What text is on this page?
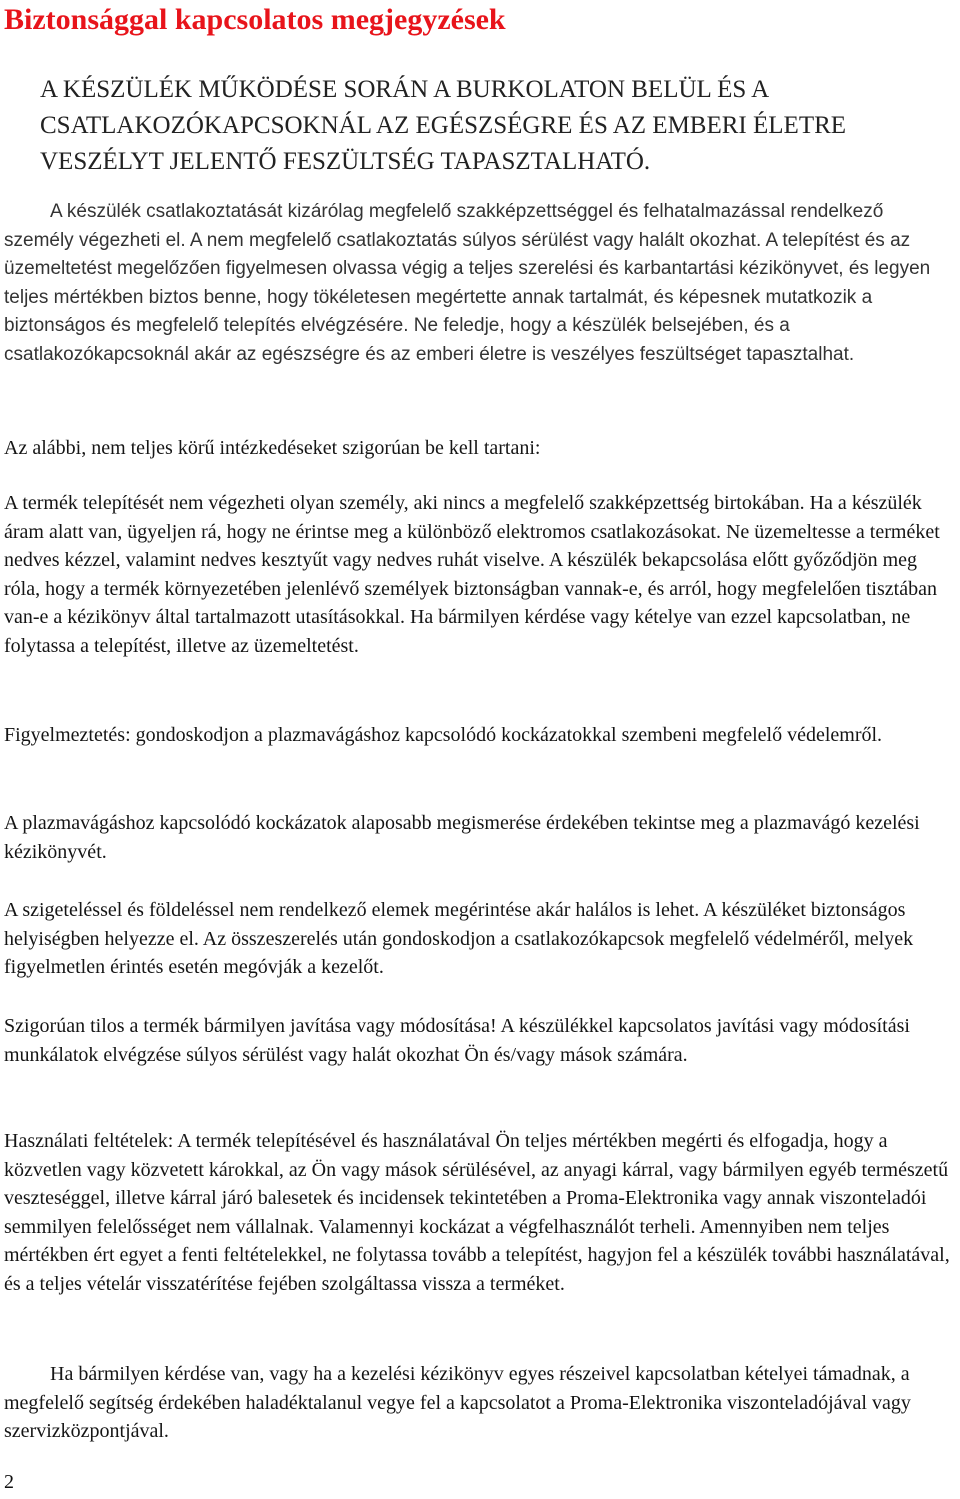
Biztonsággal kapcsolatos megjegyzések

A KÉSZÜLÉK MŰKÖDÉSE SORÁN A BURKOLATON BELÜL ÉS A CSATLAKOZÓKAPCSOKNÁL AZ EGÉSZSÉGRE ÉS AZ EMBERI ÉLETRE VESZÉLYT JELENTŐ FESZÜLTSÉG TAPASZTALHATÓ.

A készülék csatlakoztatását kizárólag megfelelő szakképzettséggel és felhatalmazással rendelkező személy végezheti el. A nem megfelelő csatlakoztatás súlyos sérülést vagy halált okozhat. A telepítést és az üzemeltetést megelőzően figyelmesen olvassa végig a teljes szerelési és karbantartási kézikönyvet, és legyen teljes mértékben biztos benne, hogy tökéletesen megértette annak tartalmát, és képesnek mutatkozik a biztonságos és megfelelő telepítés elvégzésére. Ne feledje, hogy a készülék belsejében, és a csatlakozókapcsoknál akár az egészségre és az emberi életre is veszélyes feszültséget tapasztalhat.

Az alábbi, nem teljes körű intézkedéseket szigorúan be kell tartani:

A termék telepítését nem végezheti olyan személy, aki nincs a megfelelő szakképzettség birtokában. Ha a készülék áram alatt van, ügyeljen rá, hogy ne érintse meg a különböző elektromos csatlakozásokat. Ne üzemeltesse a terméket nedves kézzel, valamint nedves kesztyűt vagy nedves ruhát viselve. A készülék bekapcsolása előtt győződjön meg róla, hogy a termék környezetében jelenlévő személyek biztonságban vannak-e, és arról, hogy megfelelően tisztában van-e a kézikönyv által tartalmazott utasításokkal. Ha bármilyen kérdése vagy kételye van ezzel kapcsolatban, ne folytassa a telepítést, illetve az üzemeltetést.

Figyelmeztetés: gondoskodjon a plazmavágáshoz kapcsolódó kockázatokkal szembeni megfelelő védelemről.

A plazmavágáshoz kapcsolódó kockázatok alaposabb megismerése érdekében tekintse meg a plazmavágó kezelési kézikönyvét.

A szigeteléssel és földeléssel nem rendelkező elemek megérintése akár halálos is lehet. A készüléket biztonságos helyiségben helyezze el. Az összeszerelés után gondoskodjon a csatlakozókapcsok megfelelő védelméről, melyek figyelmetlen érintés esetén megóvják a kezelőt.

Szigorúan tilos a termék bármilyen javítása vagy módosítása! A készülékkel kapcsolatos javítási vagy módosítási munkálatok elvégzése súlyos sérülést vagy halát okozhat Ön és/vagy mások számára.

Használati feltételek: A termék telepítésével és használatával Ön teljes mértékben megérti és elfogadja, hogy a közvetlen vagy közvetett károkkal, az Ön vagy mások sérülésével, az anyagi kárral, vagy bármilyen egyéb természetű veszteséggel, illetve kárral járó balesetek és incidensek tekintetében a Proma-Elektronika vagy annak viszonteladói semmilyen felelősséget nem vállalnak. Valamennyi kockázat a végfelhasználót terheli. Amennyiben nem teljes mértékben ért egyet a fenti feltételekkel, ne folytassa tovább a telepítést, hagyjon fel a készülék további használatával, és a teljes vételár visszatérítése fejében szolgáltassa vissza a terméket.

Ha bármilyen kérdése van, vagy ha a kezelési kézikönyv egyes részeivel kapcsolatban kételyei támadnak, a megfelelő segítség érdekében haladéktalanul vegye fel a kapcsolatot a Proma-Elektronika viszonteladójával vagy szervizközpontjával.

2
